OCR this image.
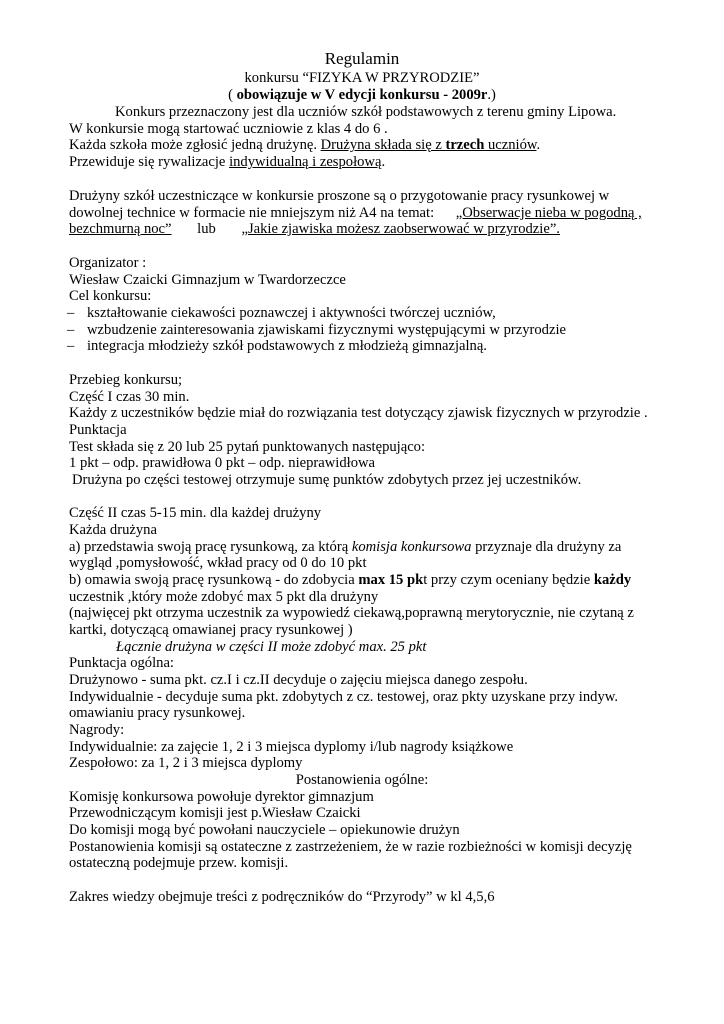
Regulamin
konkursu “FIZYKA W PRZYRODZIE”
( obowiązuje w V edycji konkursu - 2009r.)
Konkurs przeznaczony jest dla uczniów szkół podstawowych z terenu gminy Lipowa.
W konkursie mogą startować uczniowie z klas 4 do 6 .
Każda szkoła może zgłosić jedną drużynę. Drużyna składa się z trzech uczniów.
Przewiduje się rywalizacje indywidualną i zespołową.
Drużyny szkół uczestniczące w konkursie proszone są o przygotowanie pracy rysunkowej w
dowolnej technice w formacie nie mniejszym niż A4 na temat: „Obserwacje nieba w pogodną ,
bezchmurną noc” lub „Jakie zjawiska możesz zaobserwować w przyrodzie”.
Organizator :
Wiesław Czaicki Gimnazjum w Twardorzeczce
Cel konkursu:
– kształtowanie ciekawości poznawczej i aktywności twórczej uczniów,
– wzbudzenie zainteresowania zjawiskami fizycznymi występującymi w przyrodzie
– integracja młodzieży szkół podstawowych z młodzieżą gimnazjalną.
Przebieg konkursu;
Część I czas 30 min.
Każdy z uczestników będzie miał do rozwiązania test dotyczący zjawisk fizycznych w przyrodzie .
Punktacja
Test składa się z 20 lub 25 pytań punktowanych następująco:
1 pkt – odp. prawidłowa 0 pkt – odp. nieprawidłowa
Drużyna po części testowej otrzymuje sumę punktów zdobytych przez jej uczestników.
Część II czas 5-15 min. dla każdej drużyny
Każda drużyna
a) przedstawia swoją pracę rysunkową, za którą komisja konkursowa przyznaje dla drużyny za
wygląd ,pomysłowość, wkład pracy od 0 do 10 pkt
b) omawia swoją pracę rysunkową - do zdobycia max 15 pkt przy czym oceniany będzie każdy
uczestnik ,który może zdobyć max 5 pkt dla drużyny
(najwięcej pkt otrzyma uczestnik za wypowiedź ciekawą,poprawną merytorycznie, nie czytaną z
kartki, dotyczącą omawianej pracy rysunkowej )
Łącznie drużyna w części II może zdobyć max. 25 pkt
Punktacja ogólna:
Drużynowo - suma pkt. cz.I i cz.II decyduje o zajęciu miejsca danego zespołu.
Indywidualnie - decyduje suma pkt. zdobytych z cz. testowej, oraz pkty uzyskane przy indyw.
omawianiu pracy rysunkowej.
Nagrody:
Indywidualnie: za zajęcie 1, 2 i 3 miejsca dyplomy i/lub nagrody książkowe
Zespołowo: za 1, 2 i 3 miejsca dyplomy
Postanowienia ogólne:
Komisję konkursowa powołuje dyrektor gimnazjum
Przewodniczącym komisji jest p.Wiesław Czaicki
Do komisji mogą być powołani nauczyciele – opiekunowie drużyn
Postanowienia komisji są ostateczne z zastrzeżeniem, że w razie rozbieżności w komisji decyzję
ostateczną podejmuje przew. komisji.
Zakres wiedzy obejmuje treści z podręczników do “Przyrody” w kl 4,5,6
